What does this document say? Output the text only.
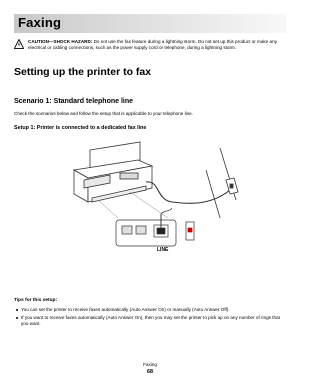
Faxing
CAUTION—SHOCK HAZARD: Do not use the fax feature during a lightning storm. Do not set up this product or make any electrical or cabling connections, such as the power supply cord or telephone, during a lightning storm.
Setting up the printer to fax
Scenario 1: Standard telephone line
Check the scenarios below and follow the setup that is applicable to your telephone line.
Setup 1: Printer is connected to a dedicated fax line
LINE
Tips for this setup:
You can set the printer to receive faxes automatically (Auto Answer On) or manually (Auto Answer Off).
If you want to receive faxes automatically (Auto Answer On), then you may set the printer to pick up on any number of rings that you want.
Faxing
68
